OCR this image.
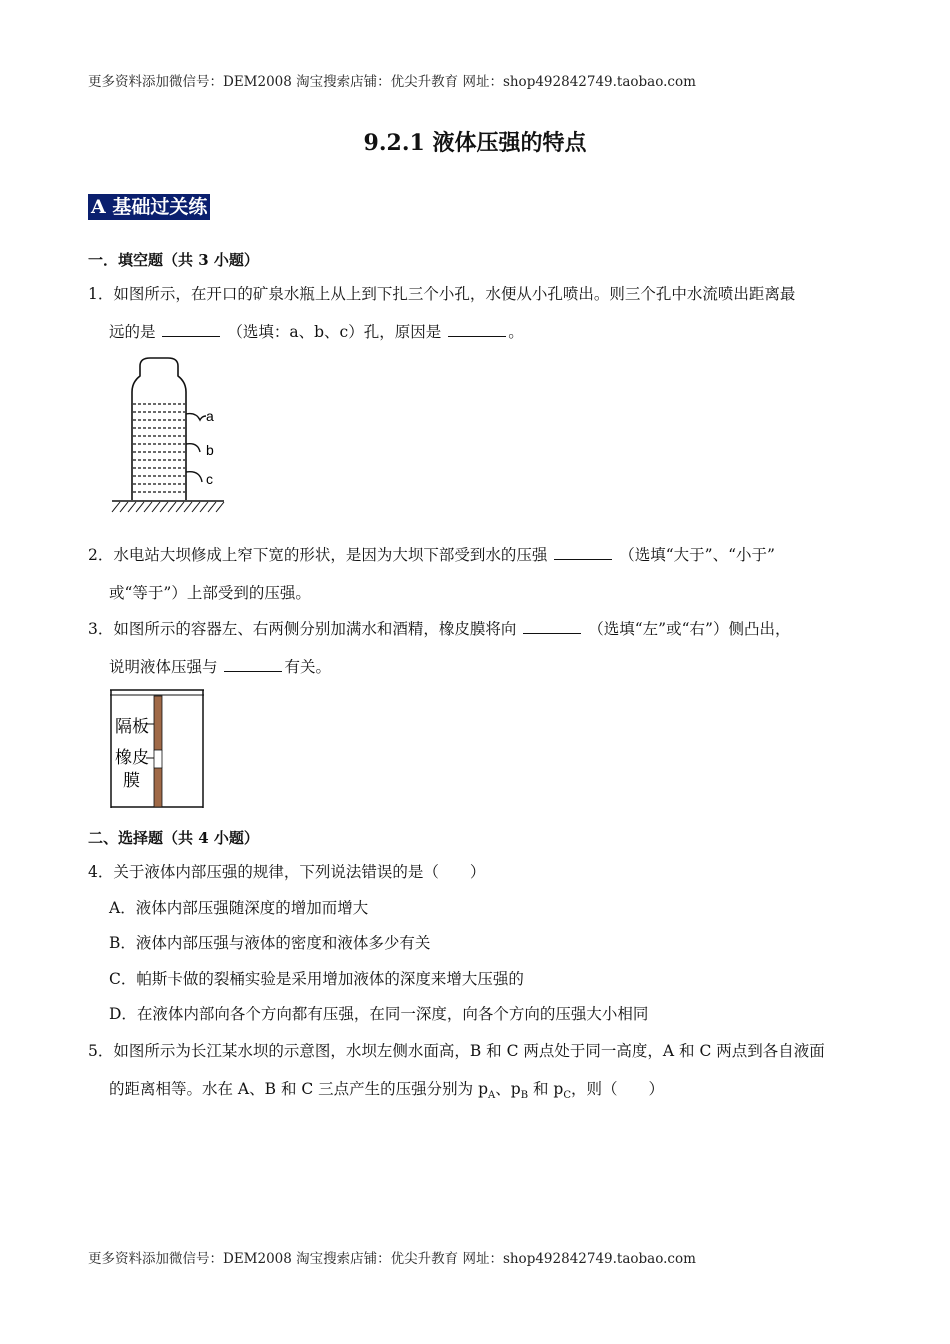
更多资料添加微信号：DEM2008 淘宝搜索店铺：优尖升教育 网址：shop492842749.taobao.com
9.2.1 液体压强的特点
A 基础过关练
一．填空题（共 3 小题）
1．如图所示，在开口的矿泉水瓶上从上到下扎三个小孔，水便从小孔喷出。则三个孔中水流喷出距离最
远的是	（选填：a、b、c）孔，原因是	。
a
b
c
2．水电站大坝修成上窄下宽的形状，是因为大坝下部受到水的压强	（选填“大于”、“小于”
或“等于”）上部受到的压强。
3．如图所示的容器左、右两侧分别加满水和酒精，橡皮膜将向	（选填“左”或“右”）侧凸出，
说明液体压强与	有关。
隔板
橡皮
膜
二、选择题（共 4 小题）
4．关于液体内部压强的规律，下列说法错误的是（　　）
A．液体内部压强随深度的增加而增大
B．液体内部压强与液体的密度和液体多少有关
C．帕斯卡做的裂桶实验是采用增加液体的深度来增大压强的
D．在液体内部向各个方向都有压强，在同一深度，向各个方向的压强大小相同
5．如图所示为长江某水坝的示意图，水坝左侧水面高，B 和 C 两点处于同一高度，A 和 C 两点到各自液面
的距离相等。水在 A、B 和 C 三点产生的压强分别为 $p_A$、$p_B$ 和 $p_C$，则（　　）
更多资料添加微信号：DEM2008 淘宝搜索店铺：优尖升教育 网址：shop492842749.taobao.com
